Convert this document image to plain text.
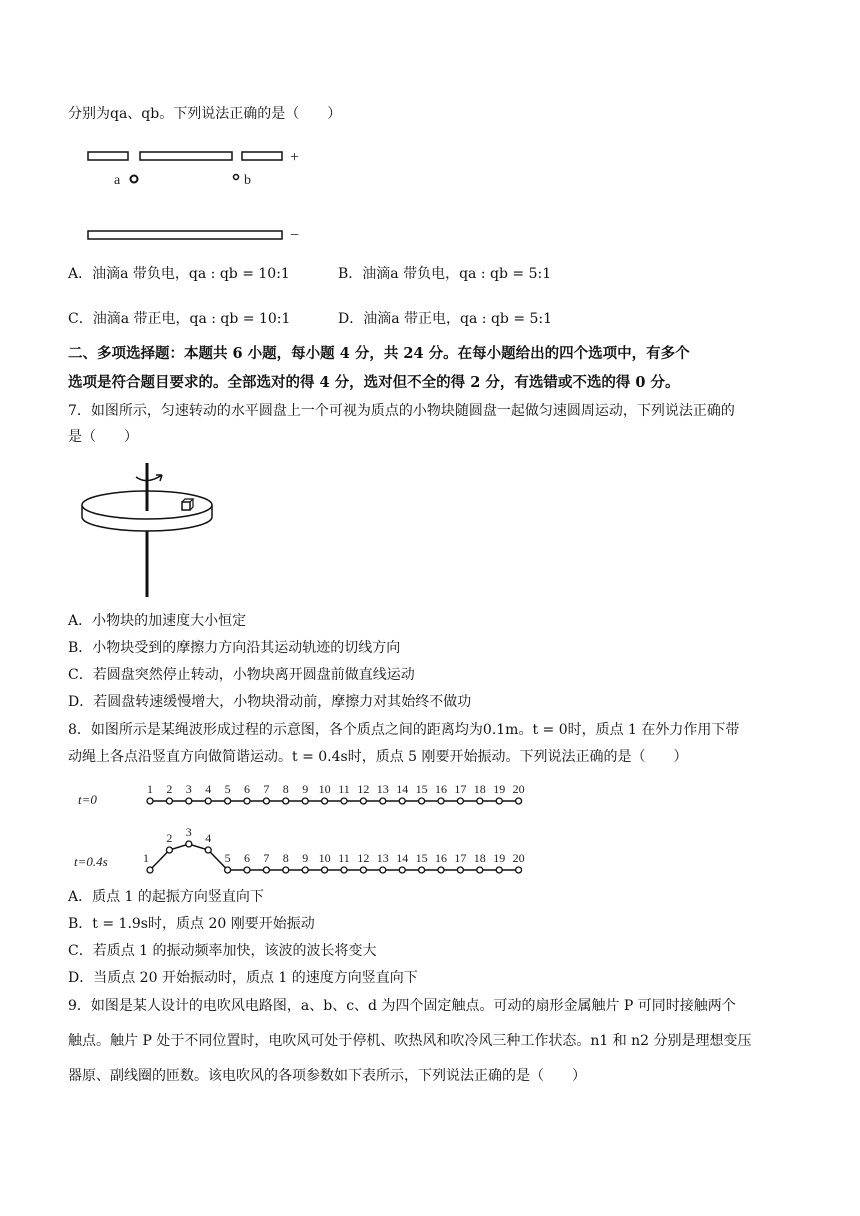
分别为qa、qb。下列说法正确的是（　　）
+
a	b
−
A．油滴a 带负电，qa : qb = 10:1	B．油滴a 带负电，qa : qb = 5:1
C．油滴a 带正电，qa : qb = 10:1	D．油滴a 带正电，qa : qb = 5:1
二、多项选择题：本题共 6 小题，每小题 4 分，共 24 分。在每小题给出的四个选项中，有多个
选项是符合题目要求的。全部选对的得 4 分，选对但不全的得 2 分，有选错或不选的得 0 分。
7．如图所示，匀速转动的水平圆盘上一个可视为质点的小物块随圆盘一起做匀速圆周运动，下列说法正确的
是（　　）
A．小物块的加速度大小恒定
B．小物块受到的摩擦力方向沿其运动轨迹的切线方向
C．若圆盘突然停止转动，小物块离开圆盘前做直线运动
D．若圆盘转速缓慢增大，小物块滑动前，摩擦力对其始终不做功
8．如图所示是某绳波形成过程的示意图，各个质点之间的距离均为0.1m。t = 0时，质点 1 在外力作用下带
动绳上各点沿竖直方向做简谐运动。t = 0.4s时，质点 5 刚要开始振动。下列说法正确的是（　　）
t=0
t=0.4s
1 2 3 4 5 6 7 8 9 10 11 12 13 14 15 16 17 18 19 20
1
2 3 4
5 6 7 8 9 10 11 12 13 14 15 16 17 18 19 20
A．质点 1 的起振方向竖直向下
B．t = 1.9s时，质点 20 刚要开始振动
C．若质点 1 的振动频率加快，该波的波长将变大
D．当质点 20 开始振动时，质点 1 的速度方向竖直向下
9．如图是某人设计的电吹风电路图，a、b、c、d 为四个固定触点。可动的扇形金属触片 P 可同时接触两个
触点。触片 P 处于不同位置时，电吹风可处于停机、吹热风和吹冷风三种工作状态。n1 和 n2 分别是理想变压
器原、副线圈的匝数。该电吹风的各项参数如下表所示，下列说法正确的是（　　）
